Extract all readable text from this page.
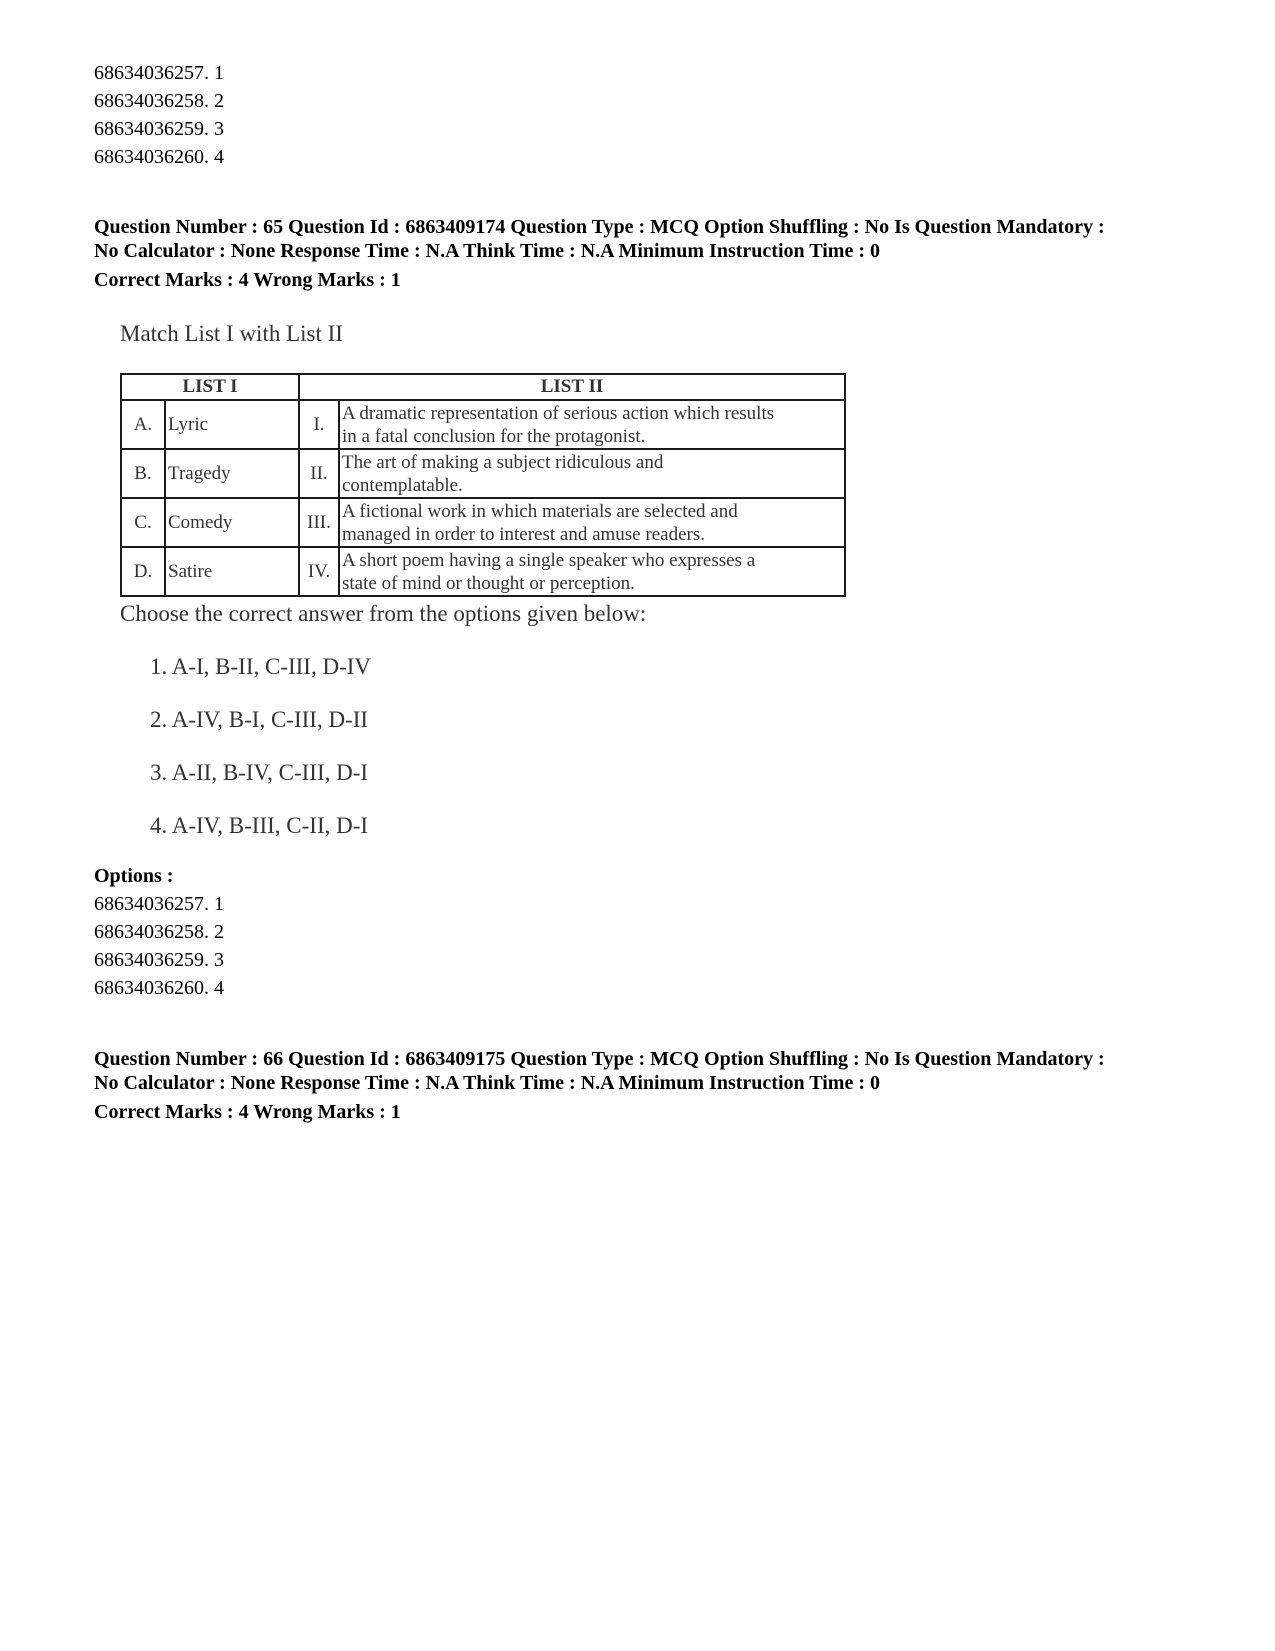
68634036257. 1
68634036258. 2
68634036259. 3
68634036260. 4
Question Number : 65 Question Id : 6863409174 Question Type : MCQ Option Shuffling : No Is Question Mandatory :
No Calculator : None Response Time : N.A Think Time : N.A Minimum Instruction Time : 0
Correct Marks : 4 Wrong Marks : 1
Match List I with List II
LIST I		LIST II	
A.	Lyric	I.	A dramatic representation of serious action which results
in a fatal conclusion for the protagonist.
B.	Tragedy	II.	The art of making a subject ridiculous and
contemplatable.
C.	Comedy	III.	A fictional work in which materials are selected and
managed in order to interest and amuse readers.
D.	Satire	IV.	A short poem having a single speaker who expresses a
state of mind or thought or perception.
Choose the correct answer from the options given below:
1. A-I, B-II, C-III, D-IV
2. A-IV, B-I, C-III, D-II
3. A-II, B-IV, C-III, D-I
4. A-IV, B-III, C-II, D-I
Options :
68634036257. 1
68634036258. 2
68634036259. 3
68634036260. 4
Question Number : 66 Question Id : 6863409175 Question Type : MCQ Option Shuffling : No Is Question Mandatory :
No Calculator : None Response Time : N.A Think Time : N.A Minimum Instruction Time : 0
Correct Marks : 4 Wrong Marks : 1
